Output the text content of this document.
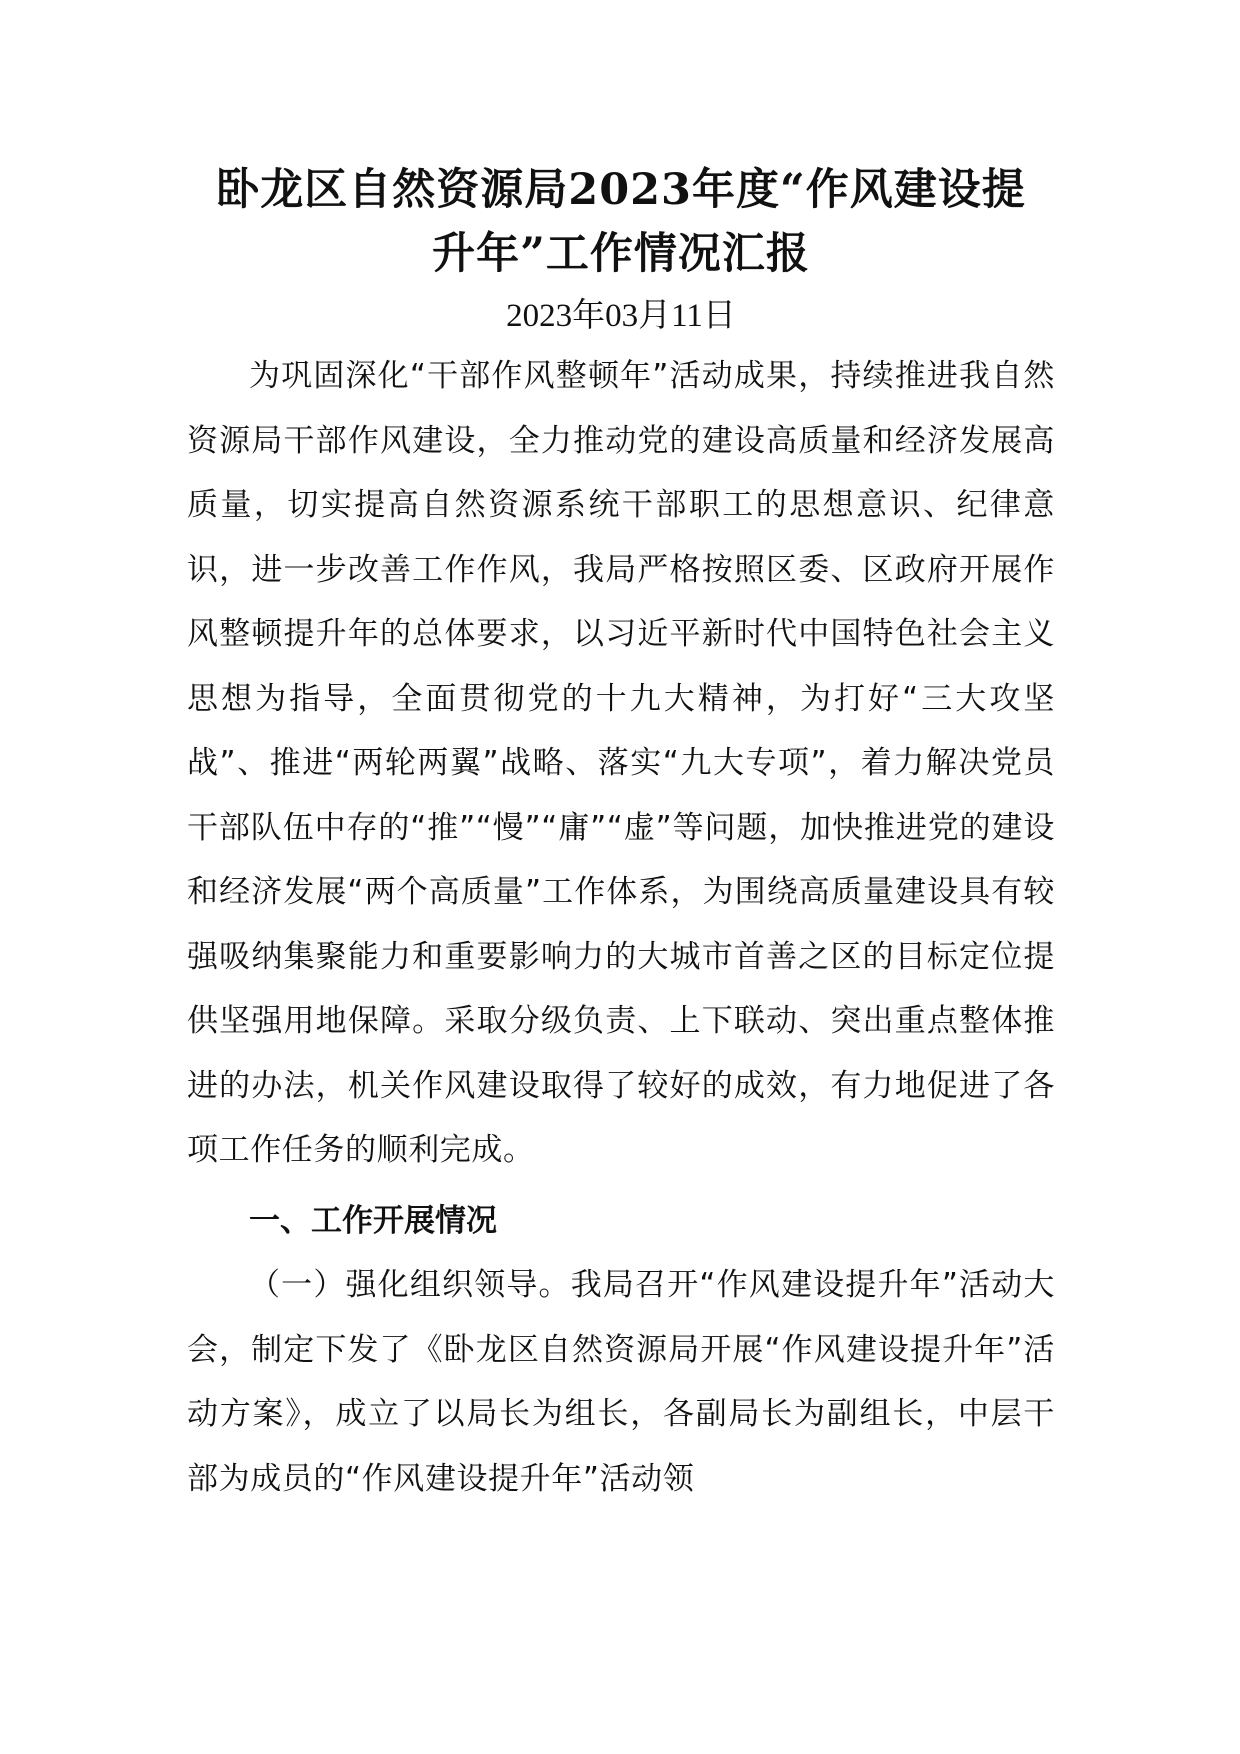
卧龙区自然资源局2023年度“作风建设提
升年”工作情况汇报

2023年03月11日

为巩固深化“干部作风整顿年”活动成果，持续推进我自然资源局干部作风建设，全力推动党的建设高质量和经济发展高质量，切实提高自然资源系统干部职工的思想意识、纪律意识，进一步改善工作作风，我局严格按照区委、区政府开展作风整顿提升年的总体要求，以习近平新时代中国特色社会主义思想为指导，全面贯彻党的十九大精神，为打好“三大攻坚战”、推进“两轮两翼”战略、落实“九大专项”，着力解决党员干部队伍中存的“推”“慢”“庸”“虚”等问题，加快推进党的建设和经济发展“两个高质量”工作体系，为围绕高质量建设具有较强吸纳集聚能力和重要影响力的大城市首善之区的目标定位提供坚强用地保障。采取分级负责、上下联动、突出重点整体推进的办法，机关作风建设取得了较好的成效，有力地促进了各项工作任务的顺利完成。

一、工作开展情况

（一）强化组织领导。我局召开“作风建设提升年”活动大会，制定下发了《卧龙区自然资源局开展“作风建设提升年”活动方案》，成立了以局长为组长，各副局长为副组长，中层干部为成员的“作风建设提升年”活动领
